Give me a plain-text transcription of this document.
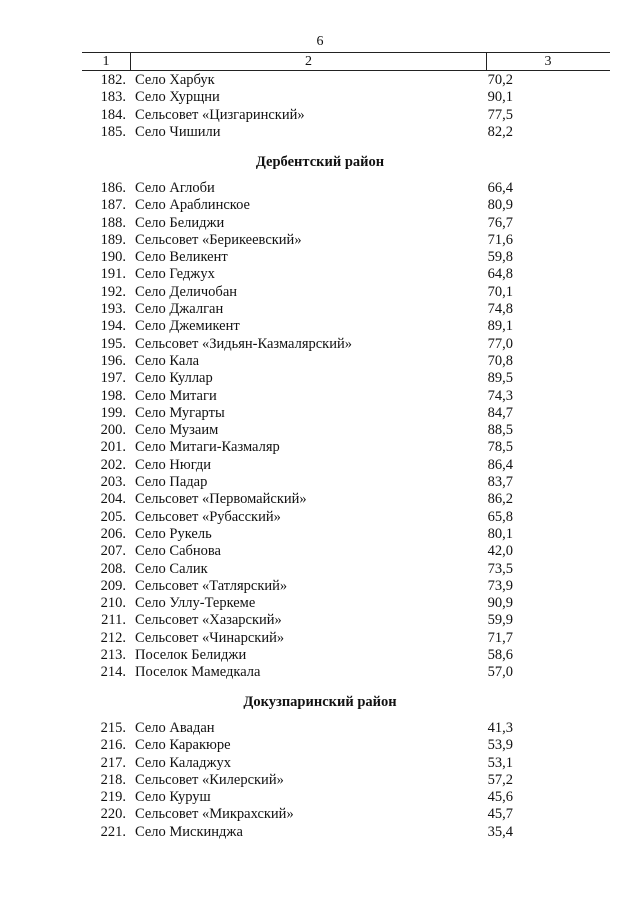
6
1	2	3
182. Село Харбук	70,2
183. Село Хурщни	90,1
184. Сельсовет «Цизгаринский»	77,5
185. Село Чишили	82,2
Дербентский район
186. Село Аглоби	66,4
187. Село Араблинское	80,9
188. Село Белиджи	76,7
189. Сельсовет «Берикеевский»	71,6
190. Село Великент	59,8
191. Село Геджух	64,8
192. Село Деличобан	70,1
193. Село Джалган	74,8
194. Село Джемикент	89,1
195. Сельсовет «Зидьян-Казмалярский»	77,0
196. Село Кала	70,8
197. Село Куллар	89,5
198. Село Митаги	74,3
199. Село Мугарты	84,7
200. Село Музаим	88,5
201. Село Митаги-Казмаляр	78,5
202. Село Нюгди	86,4
203. Село Падар	83,7
204. Сельсовет «Первомайский»	86,2
205. Сельсовет «Рубасский»	65,8
206. Село Рукель	80,1
207. Село Сабнова	42,0
208. Село Салик	73,5
209. Сельсовет «Татлярский»	73,9
210. Село Уллу-Теркеме	90,9
211. Сельсовет «Хазарский»	59,9
212. Сельсовет «Чинарский»	71,7
213. Поселок Белиджи	58,6
214. Поселок Мамедкала	57,0
Докузпаринский район
215. Село Авадан	41,3
216. Село Каракюре	53,9
217. Село Каладжух	53,1
218. Сельсовет «Килерский»	57,2
219. Село Куруш	45,6
220. Сельсовет «Микрахский»	45,7
221. Село Мискинджа	35,4
